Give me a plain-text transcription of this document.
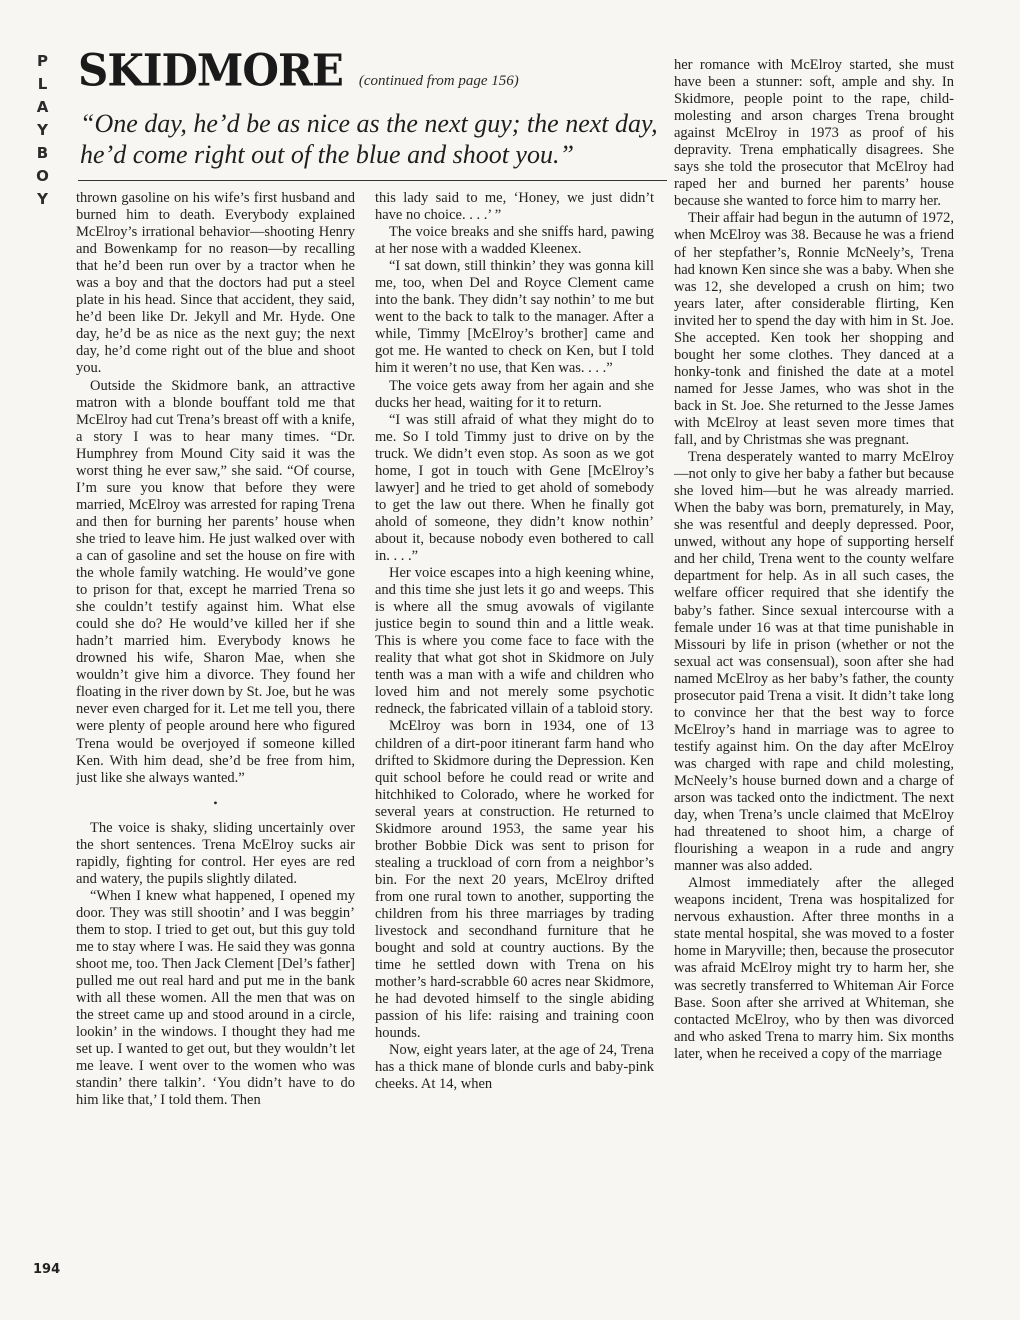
P
L
A
Y
B
O
Y
SKIDMORE (continued from page 156)
“One day, he’d be as nice as the next guy; the next day, he’d come right out of the blue and shoot you.”

thrown gasoline on his wife’s first husband and burned him to death. Everybody explained McElroy’s irrational behavior—shooting Henry and Bowenkamp for no reason—by recalling that he’d been run over by a tractor when he was a boy and that the doctors had put a steel plate in his head. Since that accident, they said, he’d been like Dr. Jekyll and Mr. Hyde. One day, he’d be as nice as the next guy; the next day, he’d come right out of the blue and shoot you.

Outside the Skidmore bank, an attractive matron with a blonde bouffant told me that McElroy had cut Trena’s breast off with a knife, a story I was to hear many times. “Dr. Humphrey from Mound City said it was the worst thing he ever saw,” she said. “Of course, I’m sure you know that before they were married, McElroy was arrested for raping Trena and then for burning her parents’ house when she tried to leave him. He just walked over with a can of gasoline and set the house on fire with the whole family watching. He would’ve gone to prison for that, except he married Trena so she couldn’t testify against him. What else could she do? He would’ve killed her if she hadn’t married him. Everybody knows he drowned his wife, Sharon Mae, when she wouldn’t give him a divorce. They found her floating in the river down by St. Joe, but he was never even charged for it. Let me tell you, there were plenty of people around here who figured Trena would be overjoyed if someone killed Ken. With him dead, she’d be free from him, just like she always wanted.”

•

The voice is shaky, sliding uncertainly over the short sentences. Trena McElroy sucks air rapidly, fighting for control. Her eyes are red and watery, the pupils slightly dilated.

“When I knew what happened, I opened my door. They was still shootin’ and I was beggin’ them to stop. I tried to get out, but this guy told me to stay where I was. He said they was gonna shoot me, too. Then Jack Clement [Del’s father] pulled me out real hard and put me in the bank with all these women. All the men that was on the street came up and stood around in a circle, lookin’ in the windows. I thought they had me set up. I wanted to get out, but they wouldn’t let me leave. I went over to the women who was standin’ there talkin’. ‘You didn’t have to do him like that,’ I told them. Then

this lady said to me, ‘Honey, we just didn’t have no choice. . . .’ ”

The voice breaks and she sniffs hard, pawing at her nose with a wadded Kleenex.

“I sat down, still thinkin’ they was gonna kill me, too, when Del and Royce Clement came into the bank. They didn’t say nothin’ to me but went to the back to talk to the manager. After a while, Timmy [McElroy’s brother] came and got me. He wanted to check on Ken, but I told him it weren’t no use, that Ken was. . . .”

The voice gets away from her again and she ducks her head, waiting for it to return.

“I was still afraid of what they might do to me. So I told Timmy just to drive on by the truck. We didn’t even stop. As soon as we got home, I got in touch with Gene [McElroy’s lawyer] and he tried to get ahold of somebody to get the law out there. When he finally got ahold of someone, they didn’t know nothin’ about it, because nobody even bothered to call in. . . .”

Her voice escapes into a high keening whine, and this time she just lets it go and weeps. This is where all the smug avowals of vigilante justice begin to sound thin and a little weak. This is where you come face to face with the reality that what got shot in Skidmore on July tenth was a man with a wife and children who loved him and not merely some psychotic redneck, the fabricated villain of a tabloid story.

McElroy was born in 1934, one of 13 children of a dirt-poor itinerant farm hand who drifted to Skidmore during the Depression. Ken quit school before he could read or write and hitchhiked to Colorado, where he worked for several years at construction. He returned to Skidmore around 1953, the same year his brother Bobbie Dick was sent to prison for stealing a truckload of corn from a neighbor’s bin. For the next 20 years, McElroy drifted from one rural town to another, supporting the children from his three marriages by trading livestock and secondhand furniture that he bought and sold at country auctions. By the time he settled down with Trena on his mother’s hard-scrabble 60 acres near Skidmore, he had devoted himself to the single abiding passion of his life: raising and training coon hounds.

Now, eight years later, at the age of 24, Trena has a thick mane of blonde curls and baby-pink cheeks. At 14, when

her romance with McElroy started, she must have been a stunner: soft, ample and shy. In Skidmore, people point to the rape, child-molesting and arson charges Trena brought against McElroy in 1973 as proof of his depravity. Trena emphatically disagrees. She says she told the prosecutor that McElroy had raped her and burned her parents’ house because she wanted to force him to marry her.

Their affair had begun in the autumn of 1972, when McElroy was 38. Because he was a friend of her stepfather’s, Ronnie McNeely’s, Trena had known Ken since she was a baby. When she was 12, she developed a crush on him; two years later, after considerable flirting, Ken invited her to spend the day with him in St. Joe. She accepted. Ken took her shopping and bought her some clothes. They danced at a honky-tonk and finished the date at a motel named for Jesse James, who was shot in the back in St. Joe. She returned to the Jesse James with McElroy at least seven more times that fall, and by Christmas she was pregnant.

Trena desperately wanted to marry McElroy—not only to give her baby a father but because she loved him—but he was already married. When the baby was born, prematurely, in May, she was resentful and deeply depressed. Poor, unwed, without any hope of supporting herself and her child, Trena went to the county welfare department for help. As in all such cases, the welfare officer required that she identify the baby’s father. Since sexual intercourse with a female under 16 was at that time punishable in Missouri by life in prison (whether or not the sexual act was consensual), soon after she had named McElroy as her baby’s father, the county prosecutor paid Trena a visit. It didn’t take long to convince her that the best way to force McElroy’s hand in marriage was to agree to testify against him. On the day after McElroy was charged with rape and child molesting, McNeely’s house burned down and a charge of arson was tacked onto the indictment. The next day, when Trena’s uncle claimed that McElroy had threatened to shoot him, a charge of flourishing a weapon in a rude and angry manner was also added.

Almost immediately after the alleged weapons incident, Trena was hospitalized for nervous exhaustion. After three months in a state mental hospital, she was moved to a foster home in Maryville; then, because the prosecutor was afraid McElroy might try to harm her, she was secretly transferred to Whiteman Air Force Base. Soon after she arrived at Whiteman, she contacted McElroy, who by then was divorced and who asked Trena to marry him. Six months later, when he received a copy of the marriage

194
